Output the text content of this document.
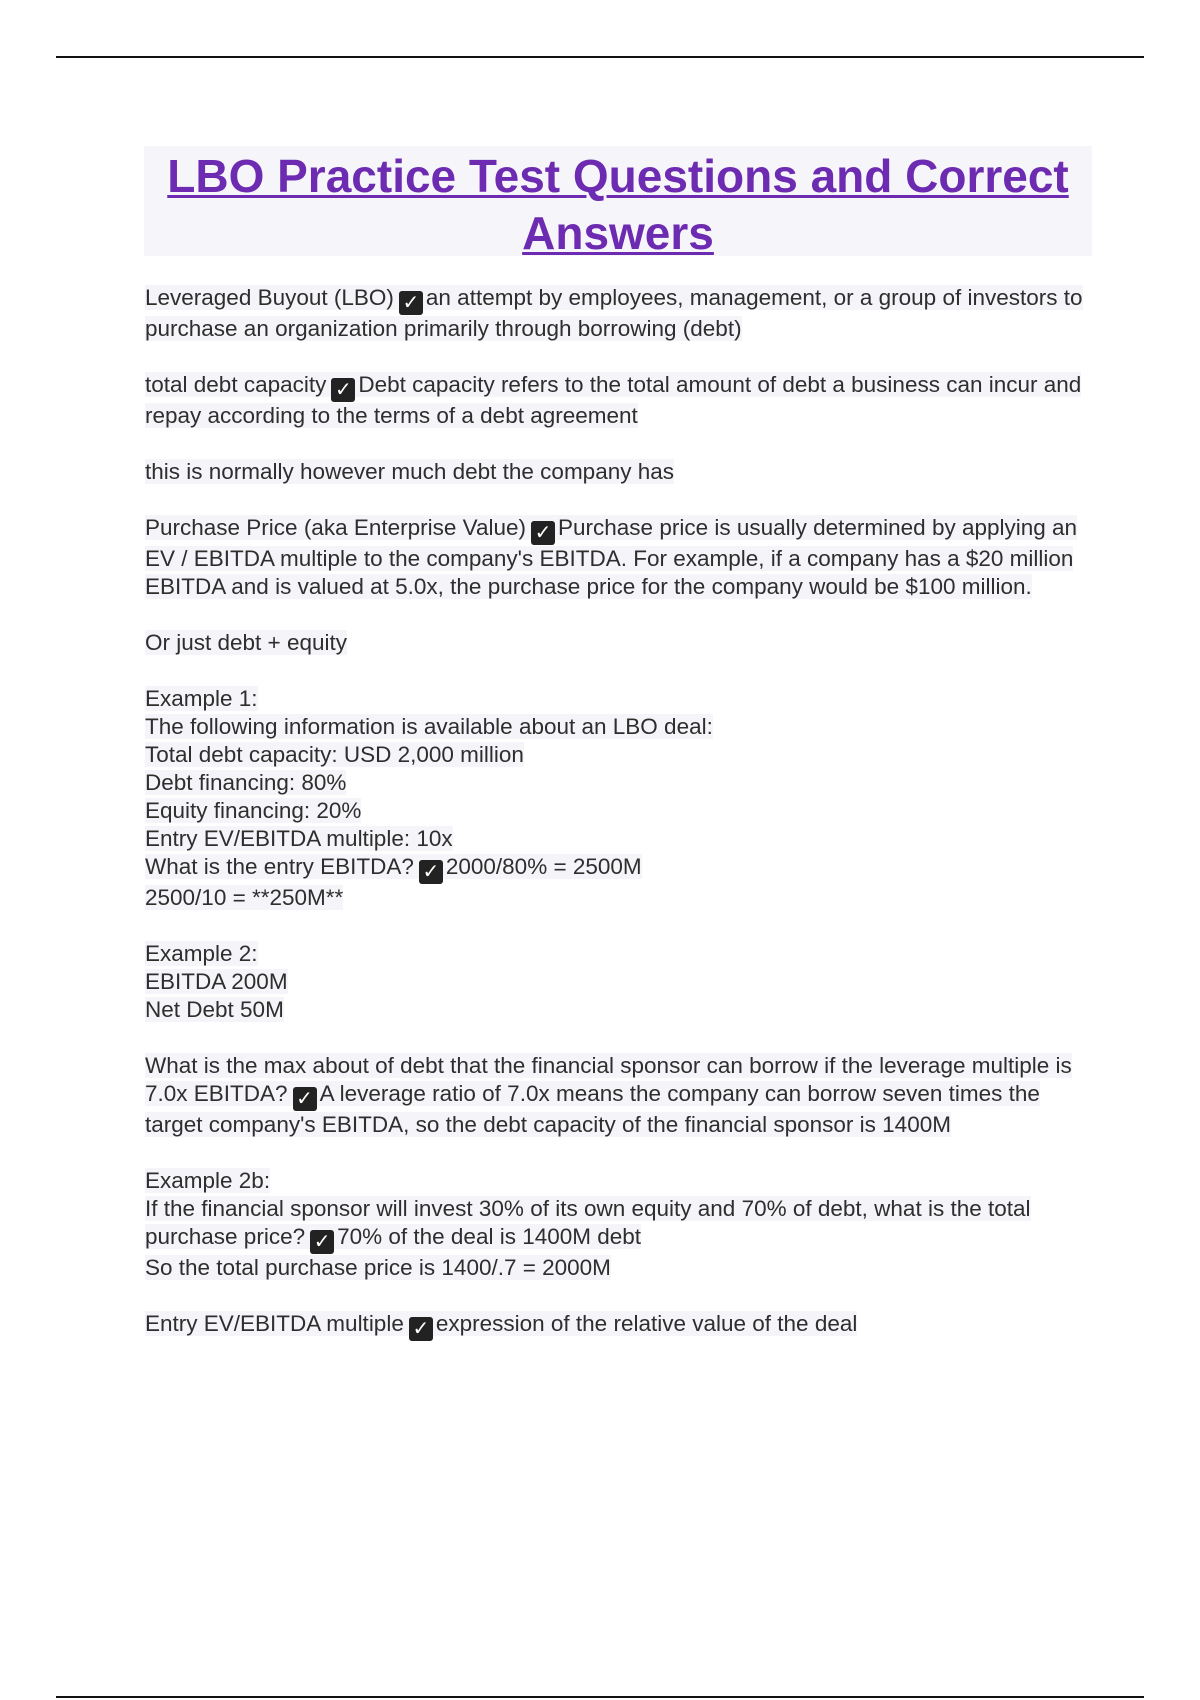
LBO Practice Test Questions and Correct Answers

Leveraged Buyout (LBO) ✓ an attempt by employees, management, or a group of investors to purchase an organization primarily through borrowing (debt)

total debt capacity ✓ Debt capacity refers to the total amount of debt a business can incur and repay according to the terms of a debt agreement

this is normally however much debt the company has

Purchase Price (aka Enterprise Value) ✓ Purchase price is usually determined by applying an EV / EBITDA multiple to the company's EBITDA. For example, if a company has a $20 million EBITDA and is valued at 5.0x, the purchase price for the company would be $100 million.

Or just debt + equity

Example 1:
The following information is available about an LBO deal:
Total debt capacity: USD 2,000 million
Debt financing: 80%
Equity financing: 20%
Entry EV/EBITDA multiple: 10x
What is the entry EBITDA? ✓ 2000/80% = 2500M
2500/10 = **250M**

Example 2:
EBITDA 200M
Net Debt 50M

What is the max about of debt that the financial sponsor can borrow if the leverage multiple is 7.0x EBITDA? ✓ A leverage ratio of 7.0x means the company can borrow seven times the target company's EBITDA, so the debt capacity of the financial sponsor is 1400M

Example 2b:
If the financial sponsor will invest 30% of its own equity and 70% of debt, what is the total purchase price? ✓ 70% of the deal is 1400M debt
So the total purchase price is 1400/.7 = 2000M

Entry EV/EBITDA multiple ✓ expression of the relative value of the deal
